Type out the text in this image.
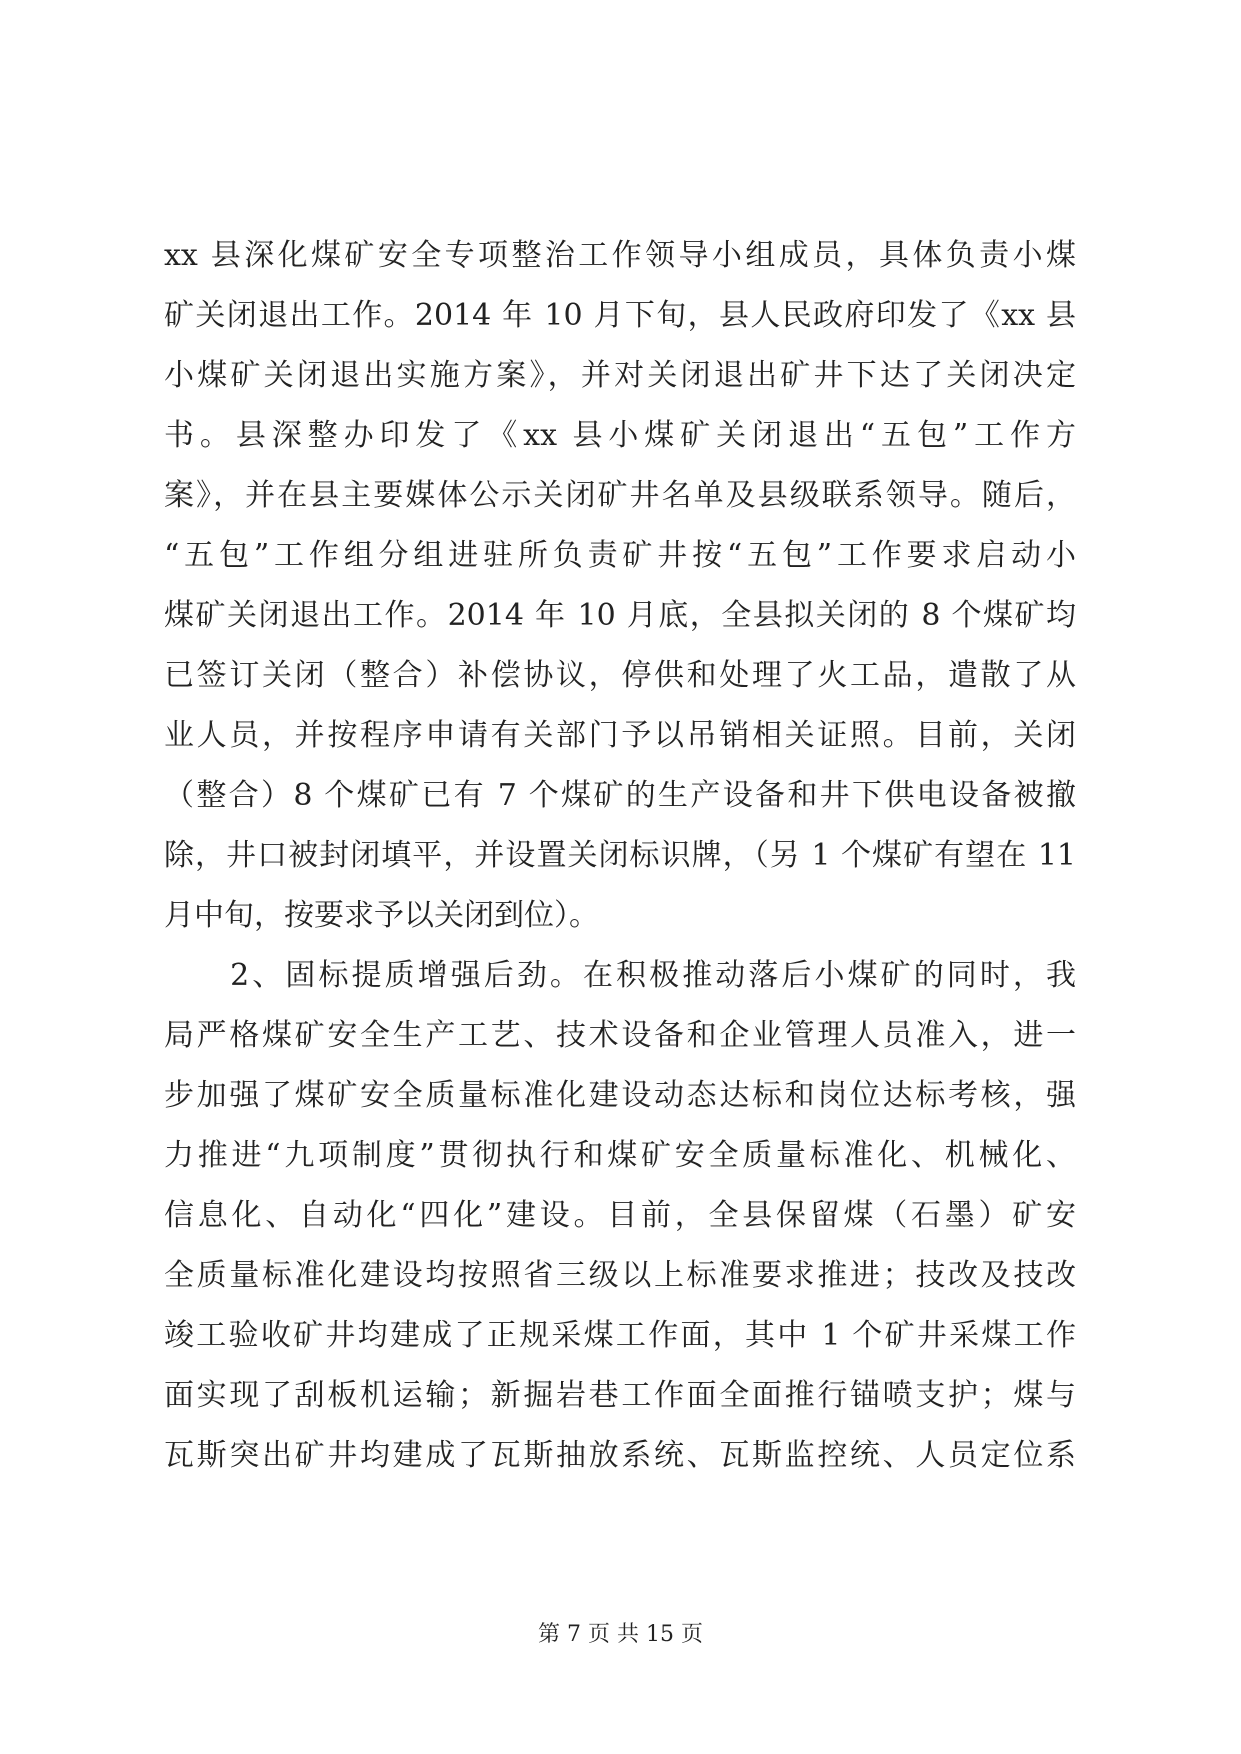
xx 县深化煤矿安全专项整治工作领导小组成员，具体负责小煤
矿关闭退出工作。2014 年 10 月下旬，县人民政府印发了《xx 县
小煤矿关闭退出实施方案》，并对关闭退出矿井下达了关闭决定
书。县深整办印发了《xx 县小煤矿关闭退出“五包”工作方
案》，并在县主要媒体公示关闭矿井名单及县级联系领导。随后，
“五包”工作组分组进驻所负责矿井按“五包”工作要求启动小
煤矿关闭退出工作。2014 年 10 月底，全县拟关闭的 8 个煤矿均
已签订关闭（整合）补偿协议，停供和处理了火工品，遣散了从
业人员，并按程序申请有关部门予以吊销相关证照。目前，关闭
（整合）8 个煤矿已有 7 个煤矿的生产设备和井下供电设备被撤
除，井口被封闭填平，并设置关闭标识牌，（另 1 个煤矿有望在 11
月中旬，按要求予以关闭到位）。
　　2、固标提质增强后劲。在积极推动落后小煤矿的同时，我
局严格煤矿安全生产工艺、技术设备和企业管理人员准入，进一
步加强了煤矿安全质量标准化建设动态达标和岗位达标考核，强
力推进“九项制度”贯彻执行和煤矿安全质量标准化、机械化、
信息化、自动化“四化”建设。目前，全县保留煤（石墨）矿安
全质量标准化建设均按照省三级以上标准要求推进；技改及技改
竣工验收矿井均建成了正规采煤工作面，其中 1 个矿井采煤工作
面实现了刮板机运输；新掘岩巷工作面全面推行锚喷支护；煤与
瓦斯突出矿井均建成了瓦斯抽放系统、瓦斯监控统、人员定位系
第 7 页 共 15 页
